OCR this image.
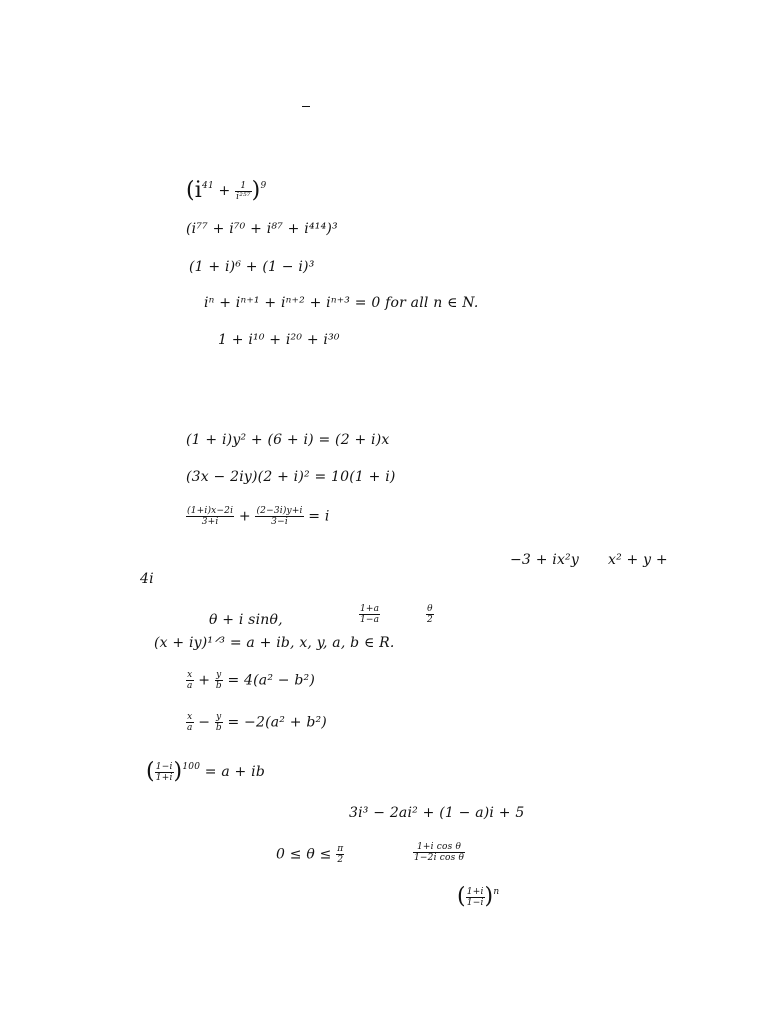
$(i^{41} + \frac{1}{\text{i²⁵⁷}} )^9$
(i⁷⁷ + i⁷⁰ + i⁸⁷ + i⁴¹⁴)³
(1 + i)⁶ + (1 − i)³
iⁿ + iⁿ⁺¹ + iⁿ⁺² + iⁿ⁺³ = 0 for all n ∈ N.
1 + i¹⁰ + i²⁰ + i³⁰
(1 + i)y² + (6 + i) = (2 + i)x
(3x − 2iy)(2 + i)² = 10(1 + i)
$\frac{(1+i)x-2i}{3+i} + \frac{(2-3i)y+i}{3-i} = i$
−3 + ix²y x² + y +
4i
θ + i sinθ,	$\frac{1+a}{1-a}$	$\frac{\theta}{2}$
(x + iy)¹ᐟ³ = a + ib, x, y, a, b ∈ R.
$\frac{x}{a} + \frac{y}{b} = 4(a^2 - b^2)$
$\frac{x}{a} - \frac{y}{b} = -2(a^2 + b^2)$
( $\frac{1-i}{1+i} )^{100} = a$ + ib
3i³ − 2ai² + (1 − a)i + 5
$0 \le \theta \le \frac{\pi}{2}$	$\frac{\text{1+i cos θ}}{\text{1−2i cos θ}}$
( $\frac{1+i}{1-i} )^n$
